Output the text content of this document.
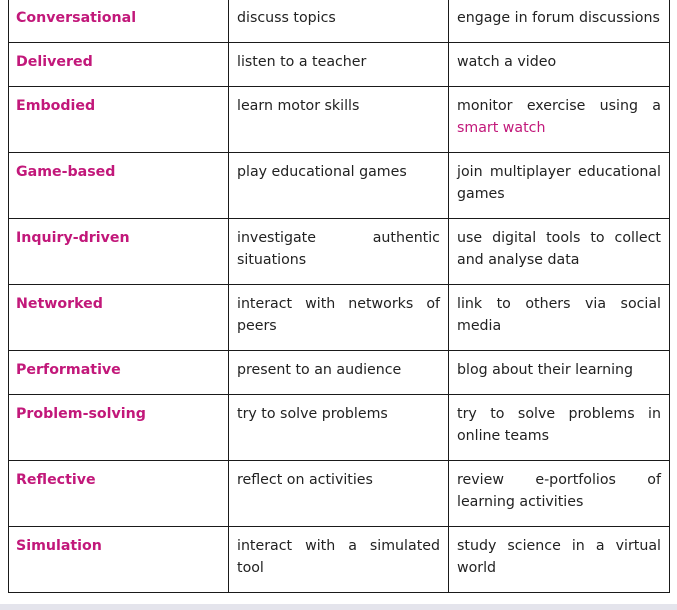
Conversational	discuss topics	engage in forum discussions
Delivered	listen to a teacher	watch a video
Embodied	learn motor skills	monitor exercise using a smart watch
Game-based	play educational games	join multiplayer educational games
Inquiry-driven	investigate authentic situations	use digital tools to collect and analyse data
Networked	interact with networks of peers	link to others via social media
Performative	present to an audience	blog about their learning
Problem-solving	try to solve problems	try to solve problems in online teams
Reflective	reflect on activities	review e-portfolios of learning activities
Simulation	interact with a simulated tool	study science in a virtual world
